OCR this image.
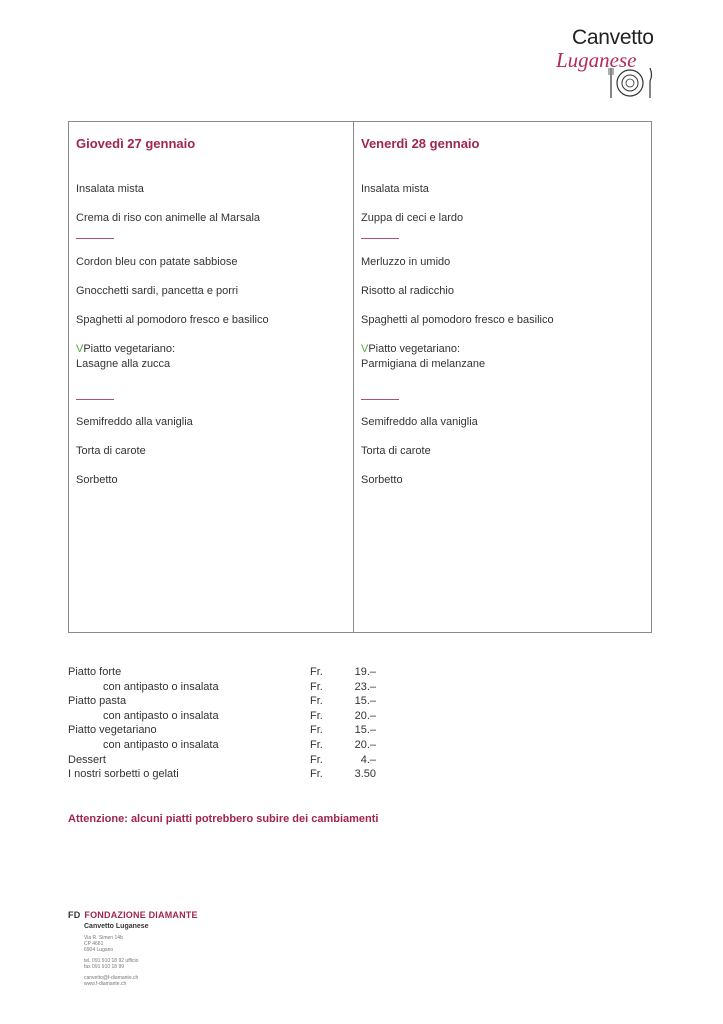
Canvetto
Luganese
Giovedì 27 gennaio
Insalata mista
Crema di riso con animelle al Marsala
Cordon bleu con patate sabbiose
Gnocchetti sardi, pancetta e porri
Spaghetti al pomodoro fresco e basilico
VPiatto vegetariano:
Lasagne alla zucca
Semifreddo alla vaniglia
Torta di carote
Sorbetto
Venerdì 28 gennaio
Insalata mista
Zuppa di ceci e lardo
Merluzzo in umido
Risotto al radicchio
Spaghetti al pomodoro fresco e basilico
VPiatto vegetariano:
Parmigiana di melanzane
Semifreddo alla vaniglia
Torta di carote
Sorbetto
Piatto forte	Fr.	19.–
con antipasto o insalata	Fr.	23.–
Piatto pasta	Fr.	15.–
con antipasto o insalata	Fr.	20.–
Piatto vegetariano	Fr.	15.–
con antipasto o insalata	Fr.	20.–
Dessert	Fr.	4.–
I nostri sorbetti o gelati	Fr.	3.50
Attenzione: alcuni piatti potrebbero subire dei cambiamenti
FD FONDAZIONE DIAMANTE
Canvetto Luganese
Via R. Simen 14b
CP 4661
6904 Lugano
tel. 091 910 18 92 ufficio
fax 091 910 18 99
canvetto@f-diamante.ch
www.f-diamante.ch
